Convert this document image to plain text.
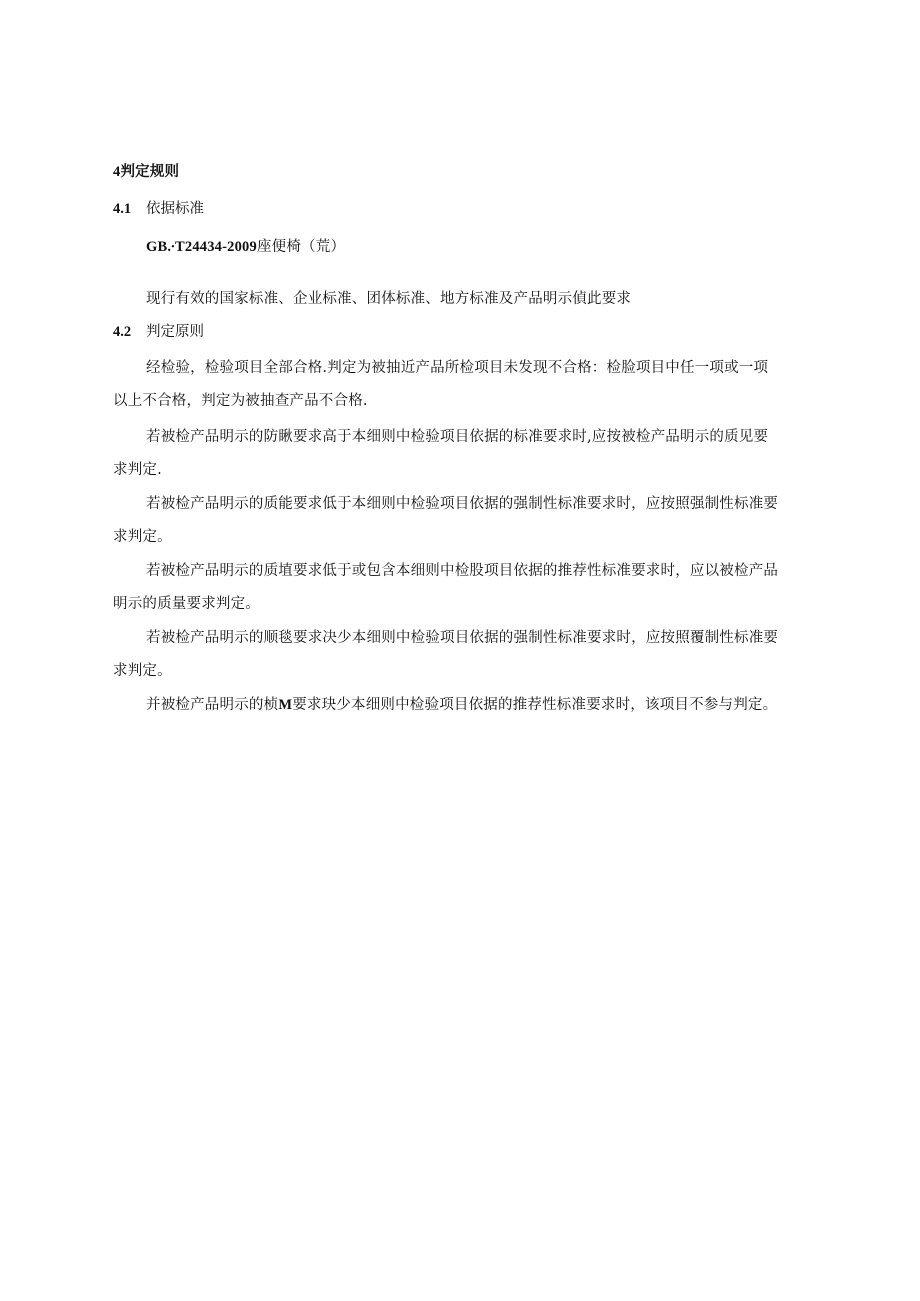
4判定规则
4.1 依据标准
GB.∙T24434-2009座便椅（荒）
现行有效的国家标准、企业标准、团体标准、地方标准及产品明示偵此要求
4.2 判定原则
经检验，检验项目全部合格.判定为被抽近产品所检项目未发现不合格：检脸项目中任一项或一项
以上不合格，判定为被抽查产品不合格.
若被检产品明示的防瞅要求高于本细则中检验项目依据的标准要求时,应按被检产品明示的质见要
求判定.
若被检产品明示的质能要求低于本细则中检验项目依据的强制性标准要求时，应按照强制性标准要
求判定。
若被检产品明示的质埴要求低于或包含本细则中检股项目依据的推荐性标准要求时，应以被检产品
明示的质量要求判定。
若被检产品明示的顺毯要求决少本细则中检验项目依据的强制性标准要求时，应按照覆制性标准要
求判定。
并被检产品明示的桢M要求玦少本细则中检验项目依据的推荐性标准要求时，该项目不参与判定。
